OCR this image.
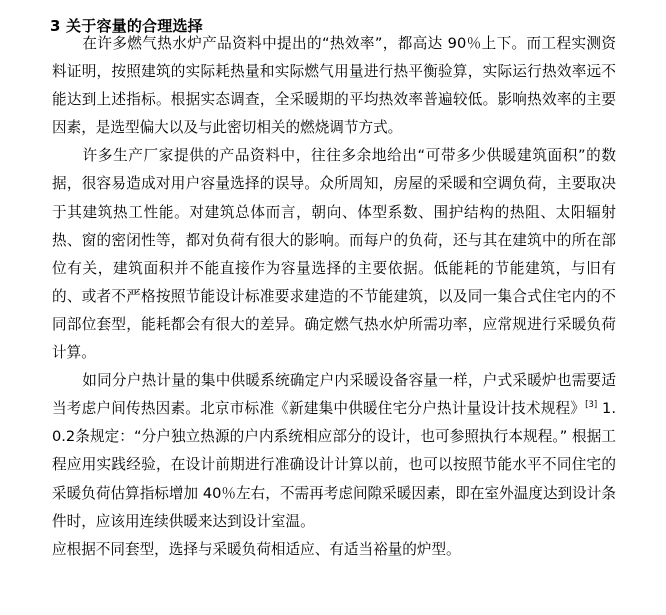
3 关于容量的合理选择

在许多燃气热水炉产品资料中提出的“热效率”，都高达 90％上下。而工程实测资料证明，按照建筑的实际耗热量和实际燃气用量进行热平衡验算，实际运行热效率远不能达到上述指标。根据实态调查，全采暖期的平均热效率普遍较低。影响热效率的主要因素，是选型偏大以及与此密切相关的燃烧调节方式。

许多生产厂家提供的产品资料中，往往多余地给出“可带多少供暖建筑面积”的数据，很容易造成对用户容量选择的误导。众所周知，房屋的采暖和空调负荷，主要取决于其建筑热工性能。对建筑总体而言，朝向、体型系数、围护结构的热阻、太阳辐射热、窗的密闭性等，都对负荷有很大的影响。而每户的负荷，还与其在建筑中的所在部位有关，建筑面积并不能直接作为容量选择的主要依据。低能耗的节能建筑，与旧有的、或者不严格按照节能设计标准要求建造的不节能建筑，以及同一集合式住宅内的不同部位套型，能耗都会有很大的差异。确定燃气热水炉所需功率，应常规进行采暖负荷计算。

如同分户热计量的集中供暖系统确定户内采暖设备容量一样，户式采暖炉也需要适当考虑户间传热因素。北京市标准《新建集中供暖住宅分户热计量设计技术规程》[3] 1.0.2条规定：“分户独立热源的户内系统相应部分的设计，也可参照执行本规程。” 根据工程应用实践经验，在设计前期进行准确设计计算以前，也可以按照节能水平不同住宅的采暖负荷估算指标增加 40％左右，不需再考虑间隙采暖因素，即在室外温度达到设计条件时，应该用连续供暖来达到设计室温。

应根据不同套型，选择与采暖负荷相适应、有适当裕量的炉型。
